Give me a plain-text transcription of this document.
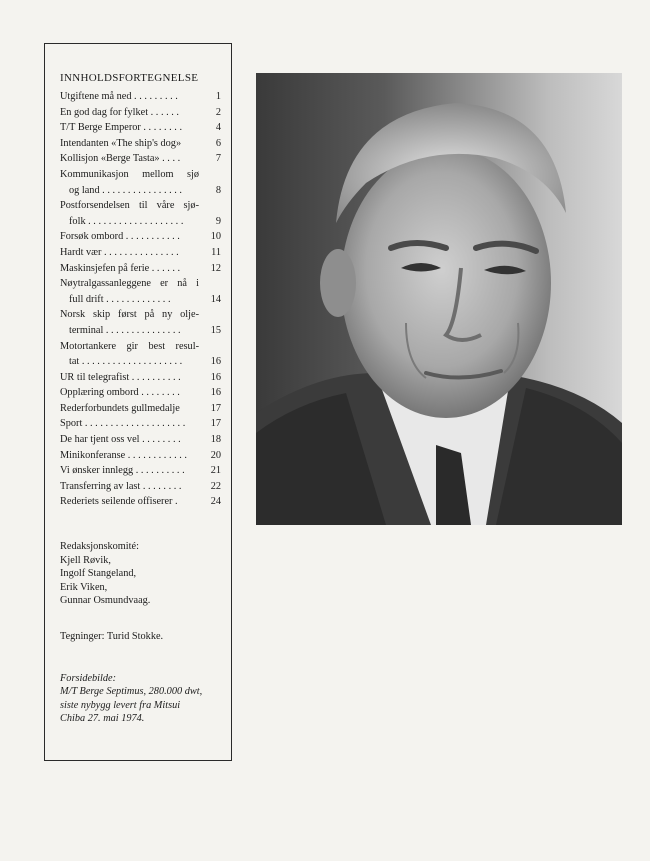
INNHOLDSFORTEGNELSE
Utgiftene må ned . . . . . . . . .	1
En god dag for fylket . . . . . .	2
T/T Berge Emperor . . . . . . . .	4
Intendanten «The ship's dog»	6
Kollisjon «Berge Tasta» . . . .	7
Kommunikasjon mellom sjø
og land . . . . . . . . . . . . . . . .	8
Postforsendelsen til våre sjø-
folk . . . . . . . . . . . . . . . . . . .	9
Forsøk ombord . . . . . . . . . . .	10
Hardt vær . . . . . . . . . . . . . . .	11
Maskinsjefen på ferie . . . . . .	12
Nøytralgassanleggene er nå i
full drift . . . . . . . . . . . . .	14
Norsk skip først på ny olje-
terminal . . . . . . . . . . . . . . .	15
Motortankere gir best resul-
tat . . . . . . . . . . . . . . . . . . . .	16
UR til telegrafist . . . . . . . . . .	16
Opplæring ombord . . . . . . . .	16
Rederforbundets gullmedalje	17
Sport . . . . . . . . . . . . . . . . . . . .	17
De har tjent oss vel . . . . . . . .	18
Minikonferanse . . . . . . . . . . . .	20
Vi ønsker innlegg . . . . . . . . . .	21
Transferring av last . . . . . . . .	22
Rederiets seilende offiserer .	24
Redaksjonskomité:
Kjell Røvik,
Ingolf Stangeland,
Erik Viken,
Gunnar Osmundvaag.
Tegninger: Turid Stokke.
Forsidebilde:
M/T Berge Septimus, 280.000 dwt,
siste nybygg levert fra Mitsui
Chiba 27. mai 1974.
